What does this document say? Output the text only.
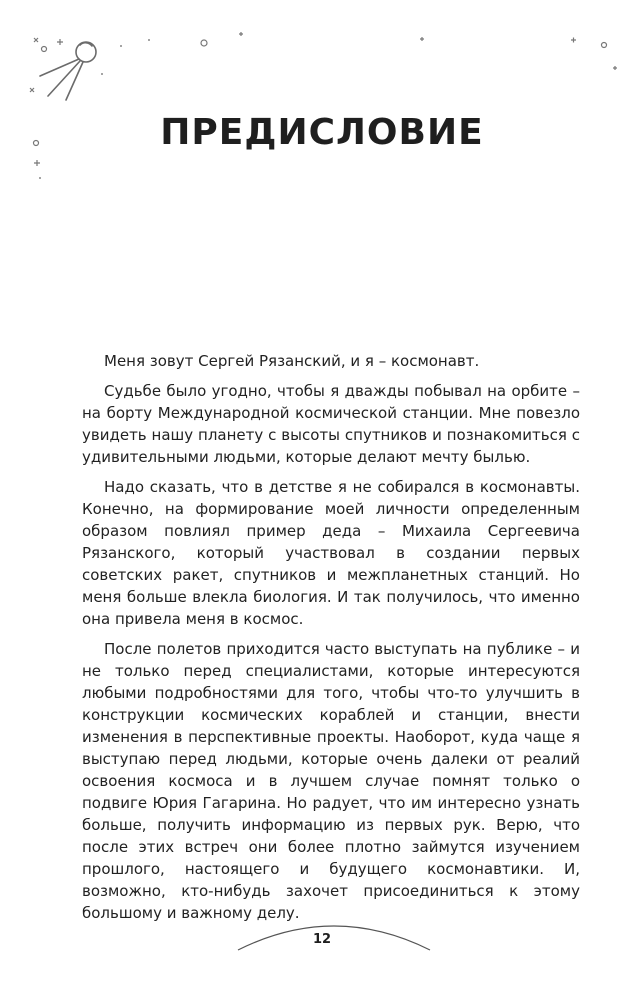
ПРЕДИСЛОВИЕ

Меня зовут Сергей Рязанский, и я – космонавт.

Судьбе было угодно, чтобы я дважды побывал на орбите – на борту Международной космической станции. Мне повезло увидеть нашу планету с высоты спутников и познакомиться с удивительными людьми, которые делают мечту былью.

Надо сказать, что в детстве я не собирался в космонавты. Конечно, на формирование моей личности определенным образом повлиял пример деда – Михаила Сергеевича Рязанского, который участвовал в создании первых советских ракет, спутников и межпланетных станций. Но меня больше влекла биология. И так получилось, что именно она привела меня в космос.

После полетов приходится часто выступать на публике – и не только перед специалистами, которые интересуются любыми подробностями для того, чтобы что-то улучшить в конструкции космических кораблей и станции, внести изменения в перспективные проекты. Наоборот, куда чаще я выступаю перед людьми, которые очень далеки от реалий освоения космоса и в лучшем случае помнят только о подвиге Юрия Гагарина. Но радует, что им интересно узнать больше, получить информацию из первых рук. Верю, что после этих встреч они более плотно займутся изучением прошлого, настоящего и будущего космонавтики. И, возможно, кто-нибудь захочет присоединиться к этому большому и важному делу.

12
